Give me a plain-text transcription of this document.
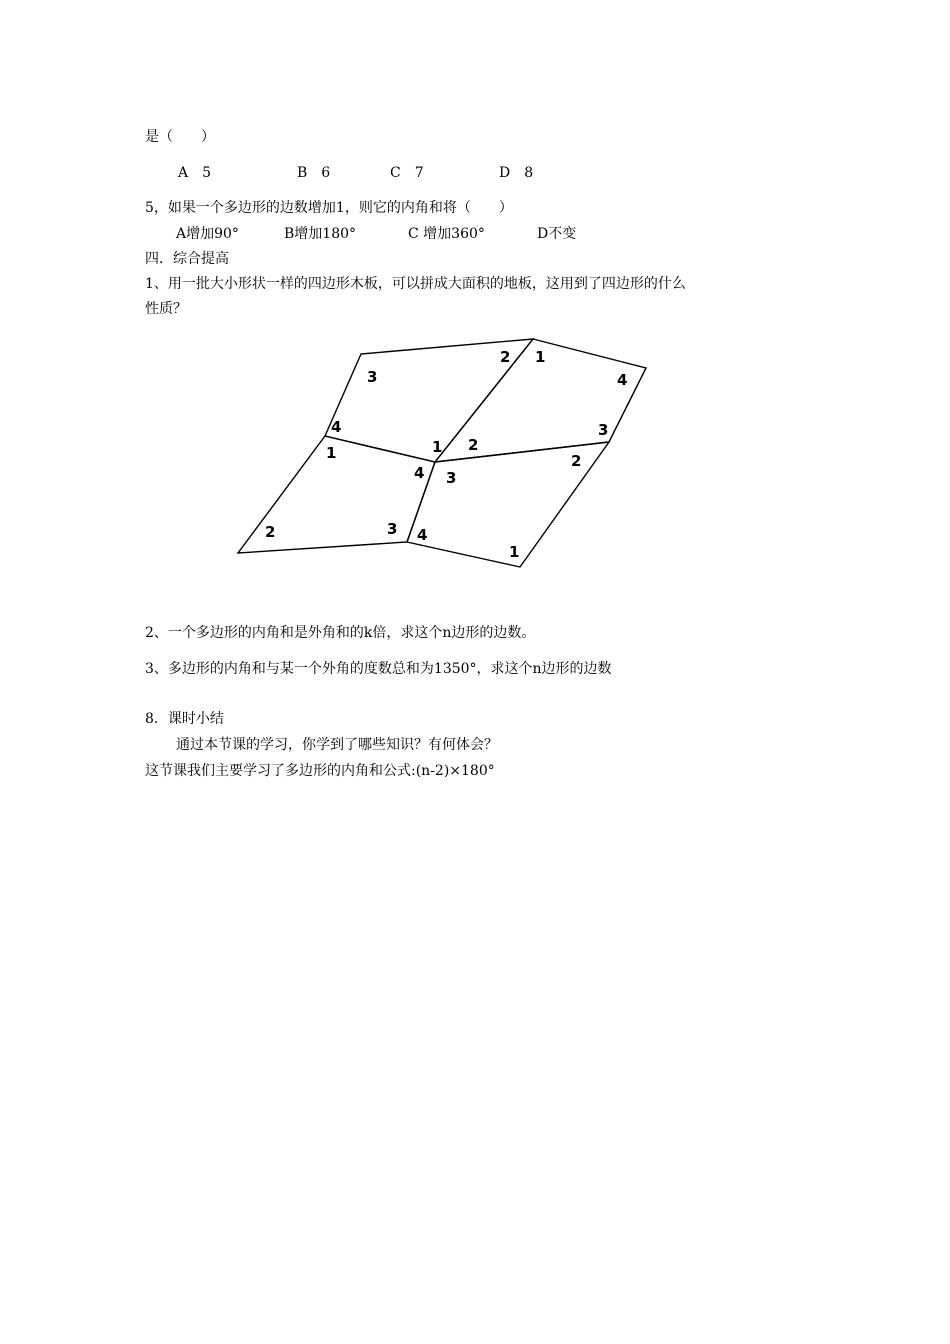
是（　　）
A　5	B　6	C　7	D　8
5，如果一个多边形的边数增加1，则它的内角和将（　　）
A增加90°	B增加180°	C 增加360°	D不变
四．综合提高
1、用一批大小形状一样的四边形木板，可以拼成大面积的地板，这用到了四边形的什么
性质？
3
2 1
4
4
1 2
3
1
4 3
2
2	3 4
1
2、一个多边形的内角和是外角和的k倍，求这个n边形的边数。
3、多边形的内角和与某一个外角的度数总和为1350°，求这个n边形的边数
8．课时小结
通过本节课的学习，你学到了哪些知识？有何体会？
这节课我们主要学习了多边形的内角和公式:(n-2)×180°
